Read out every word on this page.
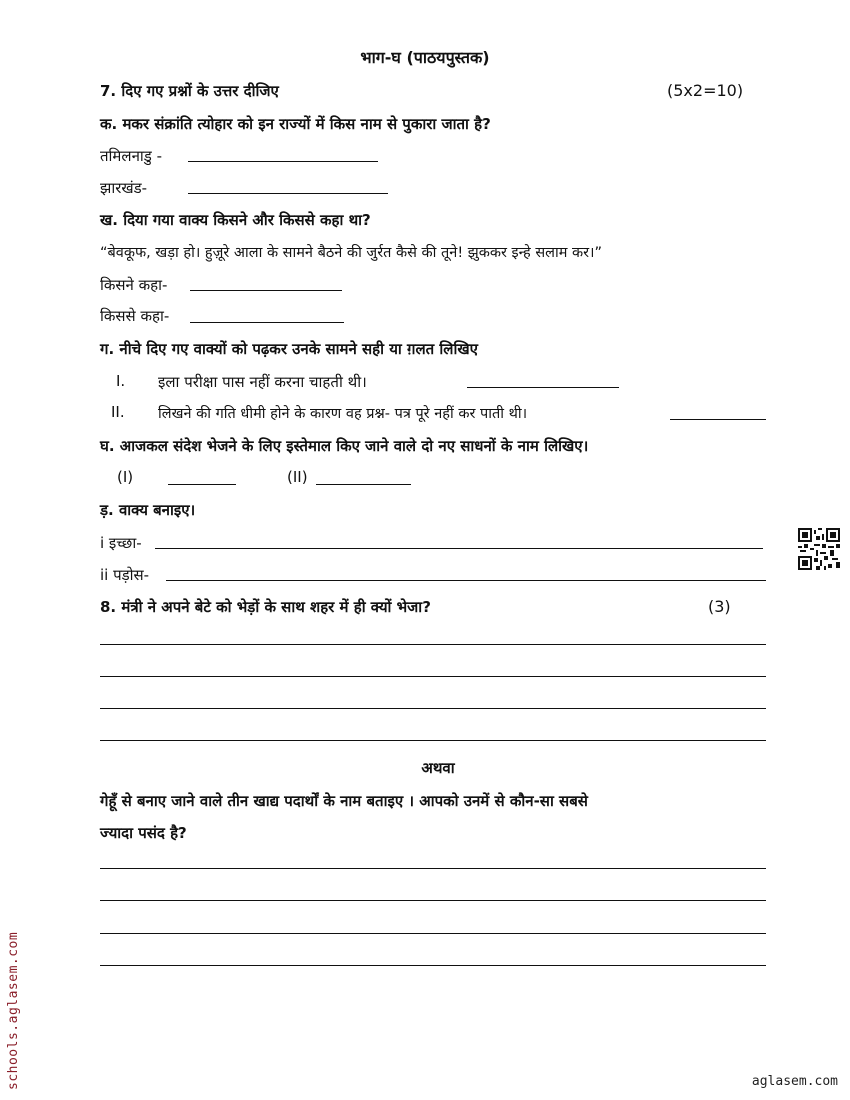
भाग-घ (पाठयपुस्तक)
7. दिए गए प्रश्नों के उत्तर दीजिए	(5x2=10)
क. मकर संक्रांति त्योहार को इन राज्यों में किस नाम से पुकारा जाता है?
तमिलनाडु -
झारखंड-
ख. दिया गया वाक्य किसने और किससे कहा था?
“बेवकूफ, खड़ा हो। हुज़ूरे आला के सामने बैठने की जुर्रत कैसे की तूने! झुककर इन्हे सलाम कर।”
किसने कहा-
किससे कहा-
ग. नीचे दिए गए वाक्यों को पढ़कर उनके सामने सही या ग़लत लिखिए
I. इला परीक्षा पास नहीं करना चाहती थी।
II. लिखने की गति धीमी होने के कारण वह प्रश्न- पत्र पूरे नहीं कर पाती थी।
घ. आजकल संदेश भेजने के लिए इस्तेमाल किए जाने वाले दो नए साधनों के नाम लिखिए।
(I)	(II)
ड़. वाक्य बनाइए।
i इच्छा-
ii पड़ोस-
8. मंत्री ने अपने बेटे को भेड़ों के साथ शहर में ही क्यों भेजा?	(3)
अथवा
गेहूँ से बनाए जाने वाले तीन खाद्य पदार्थों के नाम बताइए । आपको उनमें से कौन-सा सबसे
ज्यादा पसंद है?
schools.aglasem.com	aglasem.com
